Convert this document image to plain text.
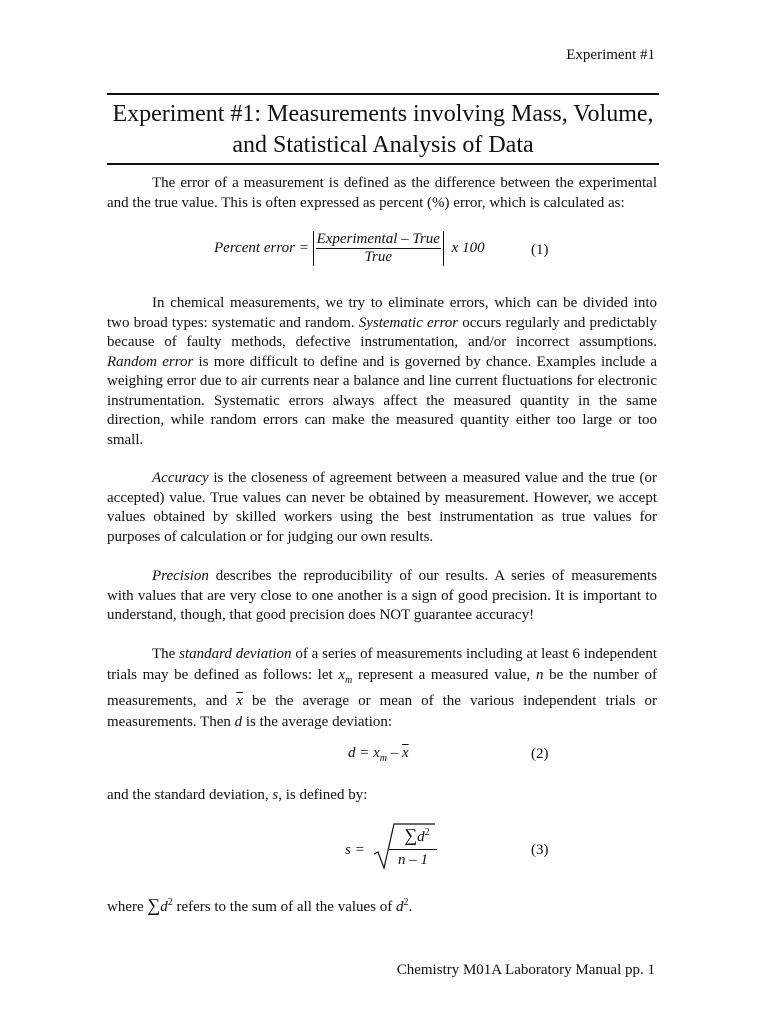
Experiment #1
Experiment #1: Measurements involving Mass, Volume,
and Statistical Analysis of Data
The error of a measurement is defined as the difference between the experimental and the true value. This is often expressed as percent (%) error, which is calculated as:
Percent error = $\frac{\text{Experimental – True}}{\text{True}}$ x 100	(1)
In chemical measurements, we try to eliminate errors, which can be divided into two broad types: systematic and random. Systematic error occurs regularly and predictably because of faulty methods, defective instrumentation, and/or incorrect assumptions. Random error is more difficult to define and is governed by chance. Examples include a weighing error due to air currents near a balance and line current fluctuations for electronic instrumentation. Systematic errors always affect the measured quantity in the same direction, while random errors can make the measured quantity either too large or too small.
Accuracy is the closeness of agreement between a measured value and the true (or accepted) value. True values can never be obtained by measurement. However, we accept values obtained by skilled workers using the best instrumentation as true values for purposes of calculation or for judging our own results.
Precision describes the reproducibility of our results. A series of measurements with values that are very close to one another is a sign of good precision. It is important to understand, though, that good precision does NOT guarantee accuracy!
The standard deviation of a series of measurements including at least 6 independent trials may be defined as follows: let $x_m$ represent a measured value, n be the number of measurements, and $\overline{x}$ be the average or mean of the various independent trials or measurements. Then d is the average deviation:
$d = x_m - \overline{x}$	(2)
and the standard deviation, s, is defined by:
s =
$\sum d^2$
n – 1
(3)
where $\sum d^2$ refers to the sum of all the values of $d^2$.
Chemistry M01A Laboratory Manual pp. 1
